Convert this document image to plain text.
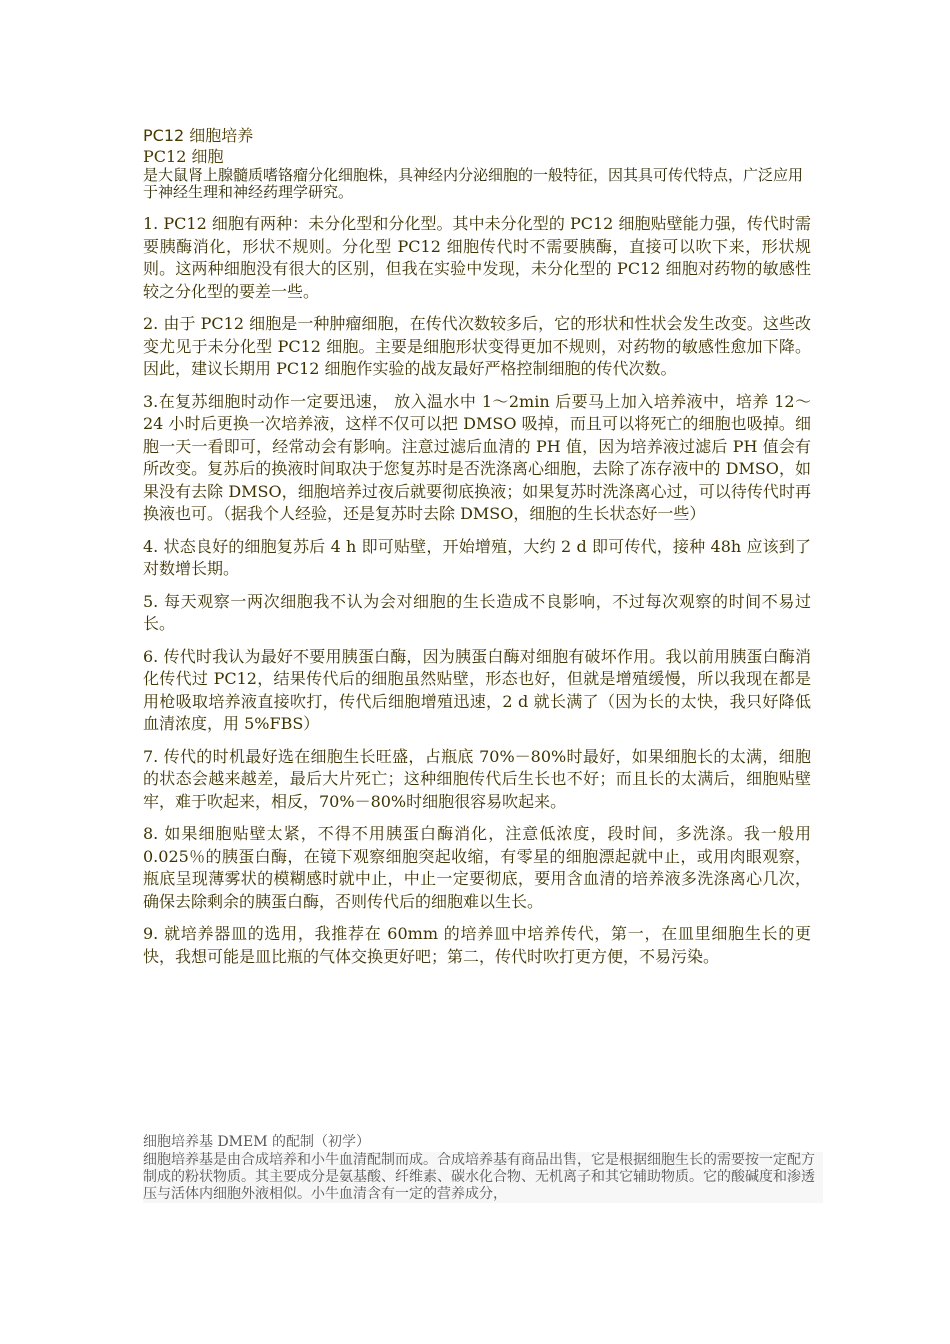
PC12 细胞培养
PC12 细胞

是大鼠肾上腺髓质嗜铬瘤分化细胞株，具神经内分泌细胞的一般特征，因其具可传代特点，广泛应用于神经生理和神经药理学研究。

1. PC12 细胞有两种：未分化型和分化型。其中未分化型的 PC12 细胞贴壁能力强，传代时需要胰酶消化，形状不规则。分化型 PC12 细胞传代时不需要胰酶，直接可以吹下来，形状规则。这两种细胞没有很大的区别，但我在实验中发现，未分化型的 PC12 细胞对药物的敏感性较之分化型的要差一些。

2. 由于 PC12 细胞是一种肿瘤细胞，在传代次数较多后，它的形状和性状会发生改变。这些改变尤见于未分化型 PC12 细胞。主要是细胞形状变得更加不规则，对药物的敏感性愈加下降。因此，建议长期用 PC12 细胞作实验的战友最好严格控制细胞的传代次数。

3.在复苏细胞时动作一定要迅速， 放入温水中 1～2min 后要马上加入培养液中，培养 12～24 小时后更换一次培养液，这样不仅可以把 DMSO 吸掉，而且可以将死亡的细胞也吸掉。细胞一天一看即可，经常动会有影响。注意过滤后血清的 PH 值，因为培养液过滤后 PH 值会有所改变。复苏后的换液时间取决于您复苏时是否洗涤离心细胞，去除了冻存液中的 DMSO，如果没有去除 DMSO，细胞培养过夜后就要彻底换液；如果复苏时洗涤离心过，可以待传代时再换液也可。（据我个人经验，还是复苏时去除 DMSO，细胞的生长状态好一些）

4. 状态良好的细胞复苏后 4 h 即可贴壁，开始增殖，大约 2 d 即可传代，接种 48h 应该到了对数增长期。

5. 每天观察一两次细胞我不认为会对细胞的生长造成不良影响，不过每次观察的时间不易过长。

6. 传代时我认为最好不要用胰蛋白酶，因为胰蛋白酶对细胞有破坏作用。我以前用胰蛋白酶消化传代过 PC12，结果传代后的细胞虽然贴壁，形态也好，但就是增殖缓慢，所以我现在都是用枪吸取培养液直接吹打，传代后细胞增殖迅速，2 d 就长满了（因为长的太快，我只好降低血清浓度，用 5%FBS）

7. 传代的时机最好选在细胞生长旺盛，占瓶底 70%－80%时最好，如果细胞长的太满，细胞的状态会越来越差，最后大片死亡；这种细胞传代后生长也不好；而且长的太满后，细胞贴壁牢，难于吹起来，相反，70%－80%时细胞很容易吹起来。

8. 如果细胞贴壁太紧，不得不用胰蛋白酶消化，注意低浓度，段时间，多洗涤。我一般用 0.025％的胰蛋白酶，在镜下观察细胞突起收缩，有零星的细胞漂起就中止，或用肉眼观察，瓶底呈现薄雾状的模糊感时就中止，中止一定要彻底，要用含血清的培养液多洗涤离心几次，确保去除剩余的胰蛋白酶，否则传代后的细胞难以生长。

9. 就培养器皿的选用，我推荐在 60mm 的培养皿中培养传代，第一，在皿里细胞生长的更快，我想可能是皿比瓶的气体交换更好吧；第二，传代时吹打更方便，不易污染。

细胞培养基 DMEM 的配制（初学）

细胞培养基是由合成培养和小牛血清配制而成。合成培养基有商品出售，它是根据细胞生长的需要按一定配方制成的粉状物质。其主要成分是氨基酸、纤维素、碳水化合物、无机离子和其它辅助物质。它的酸碱度和渗透压与活体内细胞外液相似。小牛血清含有一定的营养成分，
